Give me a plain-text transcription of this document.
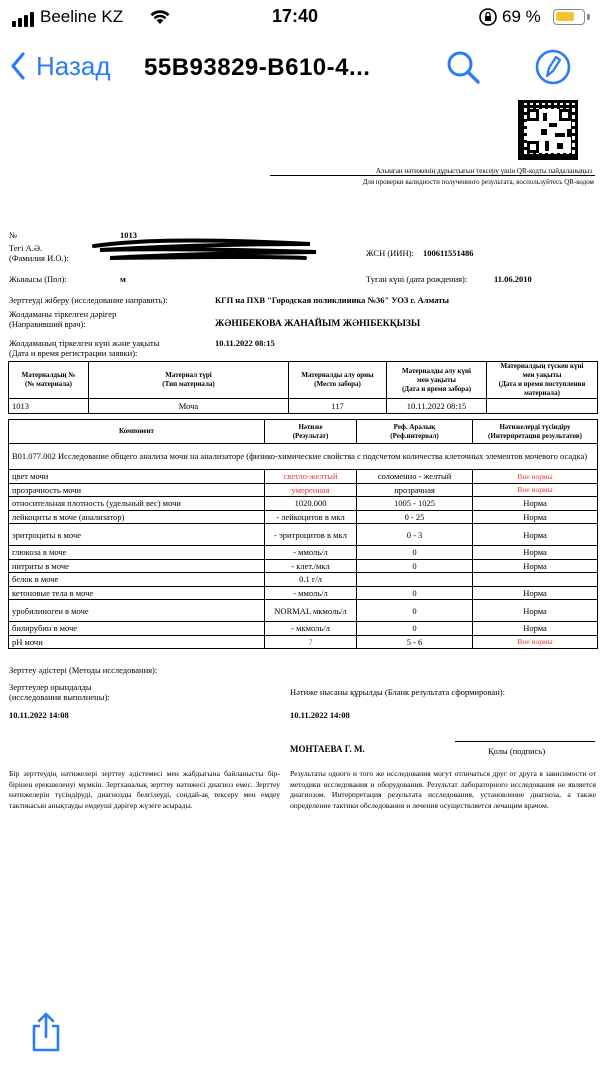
Beeline KZ	17:40	69 %
Назад 55B93829-B610-4...
Алынған нәтиженің дұрыстығын тексеру үшін QR-кодты пайдаланыңыз
Для проверки валидности полученного результата, воспользуйтесь QR-кодом
№	1013
Тегі А.Ә.
(Фамилия И.О.):	ЖСН (ИИН): 100611551486
Жынысы (Пол):	м	Туған күні (дата рождения):	11.06.2010
Зерттеуді жіберу (исследование направить):	КГП на ПХВ "Городская поликлиника №36" УОЗ г. Алматы
Жолдаманы тіркелген дәрігер
(Направивший врач):	ЖӘНІБЕКОВА ЖАНАЙЫМ ЖӘНІБЕКҚЫЗЫ
Жолдаманың тіркелген күні және уақыты	10.11.2022 08:15
(Дата и время регистрации заявки):
Материалдың №
(№ материала)	Материал түрі
(Тип материала)	Материалды алу орны
(Место забора)	Материалды алу күні
мен уақыты
(Дата и время забора)	Материалдың түскен күні
мен уақыты
(Дата и время поступления
материала)
1013	Моча	117	10.11.2022 08:15	
Компонент	Нәтиже
(Результат)	Реф. Аралық
(Реф.интервал)	Нәтижелерді түсіндіру
(Интерпретация результатов)
B01.077.002 Исследование общего анализа мочи на анализаторе (физико-химические свойства с подсчетом количества клеточных элементов мочевого осадка)			
цвет мочи	светло-желтый	соломенно - желтый	Вне нормы
прозрачность мочи	умеренная	прозрачная	Вне нормы
относительная плотность (удельный вес) мочи	1020.000	1005 - 1025	Норма
лейкоциты в моче (анализатор)	- лейкоцитов в мкл	0 - 25	Норма
эритроциты в моче	- эритроцитов в мкл	0 - 3	Норма
глюкоза в моче	- ммоль/л	0	Норма
нитриты в моче	- клет./мкл	0	Норма
белок в моче	0.1 г/л		
кетоновые тела в моче	- ммоль/л	0	Норма
уробилиноген в моче	NORMAL мкмоль/л	0	Норма
билирубин в моче	- мкмоль/л	0	Норма
pH мочи	7	5 - 6	Вне нормы
Зерттеу әдістері (Методы исследования):
Зерттеулер орындалды
(исследования выполнены):
10.11.2022 14:08
Нәтиже нысаны құрылды (Бланк результата сформирован):
10.11.2022 14:08
МОНТАЕВА Г. М.	Қолы (подпись)
Бір зерттеудің нәтижелері зерттеу әдістемесі мен жабдығына байланысты бір-бірінен ерекшеленуі мүмкін. Зертханалық зерттеу нәтижесі диагноз емес. Зерттеу нәтижелерін түсіндіруді, диагнозды белгілеуді, сондай-ақ тексеру мен емдеу тактикасын анықтауды емдеуші дәрігер жүзеге асырады.
Результаты одного и того же исследования могут отличаться друг от друга в зависимости от методики исследования и оборудования. Результат лабораторного исследования не является диагнозом. Интерпретация результата исследования, установление диагноза, а также определение тактики обследования и лечения осуществляется лечащим врачом.
